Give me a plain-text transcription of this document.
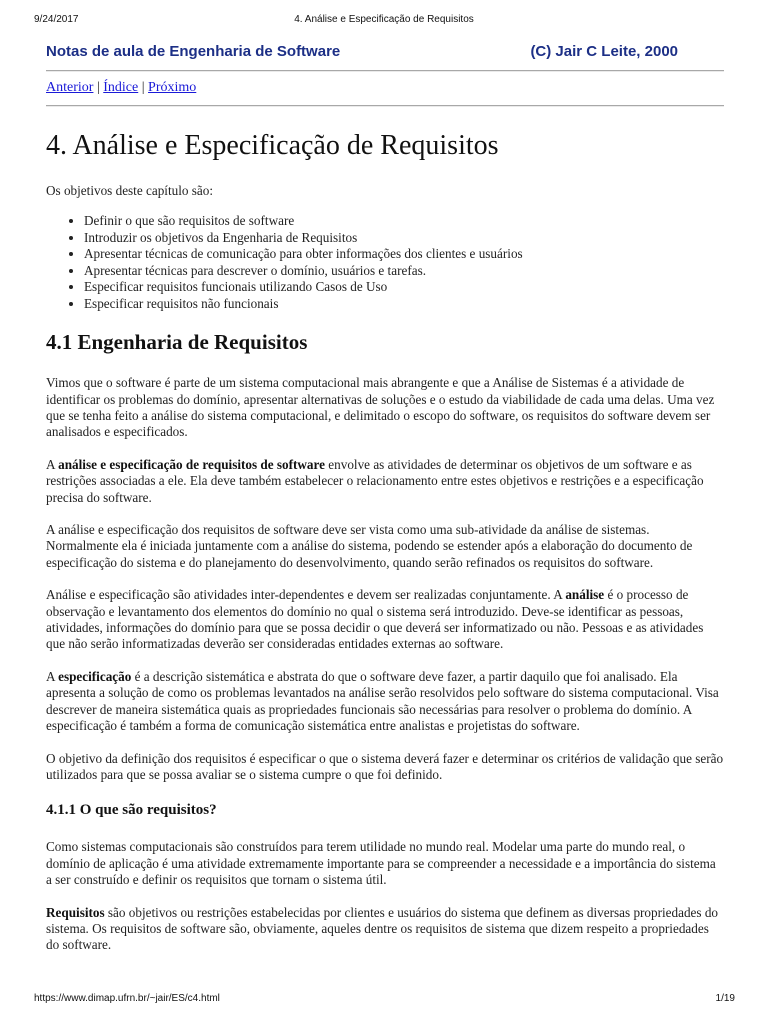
9/24/2017	4. Análise e Especificação de Requisitos
Notas de aula de Engenharia de Software	(C) Jair C Leite, 2000
Anterior | Índice | Próximo
4. Análise e Especificação de Requisitos

Os objetivos deste capítulo são:

• Definir o que são requisitos de software
• Introduzir os objetivos da Engenharia de Requisitos
• Apresentar técnicas de comunicação para obter informações dos clientes e usuários
• Apresentar técnicas para descrever o domínio, usuários e tarefas.
• Especificar requisitos funcionais utilizando Casos de Uso
• Especificar requisitos não funcionais
4.1 Engenharia de Requisitos

Vimos que o software é parte de um sistema computacional mais abrangente e que a Análise de Sistemas é a atividade de identificar os problemas do domínio, apresentar alternativas de soluções e o estudo da viabilidade de cada uma delas. Uma vez que se tenha feito a análise do sistema computacional, e delimitado o escopo do software, os requisitos do software devem ser analisados e especificados.

A análise e especificação de requisitos de software envolve as atividades de determinar os objetivos de um software e as restrições associadas a ele. Ela deve também estabelecer o relacionamento entre estes objetivos e restrições e a especificação precisa do software.

A análise e especificação dos requisitos de software deve ser vista como uma sub-atividade da análise de sistemas. Normalmente ela é iniciada juntamente com a análise do sistema, podendo se estender após a elaboração do documento de especificação do sistema e do planejamento do desenvolvimento, quando serão refinados os requisitos do software.

Análise e especificação são atividades inter-dependentes e devem ser realizadas conjuntamente. A análise é o processo de observação e levantamento dos elementos do domínio no qual o sistema será introduzido. Deve-se identificar as pessoas, atividades, informações do domínio para que se possa decidir o que deverá ser informatizado ou não. Pessoas e as atividades que não serão informatizadas deverão ser consideradas entidades externas ao software.

A especificação é a descrição sistemática e abstrata do que o software deve fazer, a partir daquilo que foi analisado. Ela apresenta a solução de como os problemas levantados na análise serão resolvidos pelo software do sistema computacional. Visa descrever de maneira sistemática quais as propriedades funcionais são necessárias para resolver o problema do domínio. A especificação é também a forma de comunicação sistemática entre analistas e projetistas do software.

O objetivo da definição dos requisitos é especificar o que o sistema deverá fazer e determinar os critérios de validação que serão utilizados para que se possa avaliar se o sistema cumpre o que foi definido.

4.1.1 O que são requisitos?

Como sistemas computacionais são construídos para terem utilidade no mundo real. Modelar uma parte do mundo real, o domínio de aplicação é uma atividade extremamente importante para se compreender a necessidade e a importância do sistema a ser construído e definir os requisitos que tornam o sistema útil.

Requisitos são objetivos ou restrições estabelecidas por clientes e usuários do sistema que definem as diversas propriedades do sistema. Os requisitos de software são, obviamente, aqueles dentre os requisitos de sistema que dizem respeito a propriedades do software.

https://www.dimap.ufrn.br/~jair/ES/c4.html	1/19
